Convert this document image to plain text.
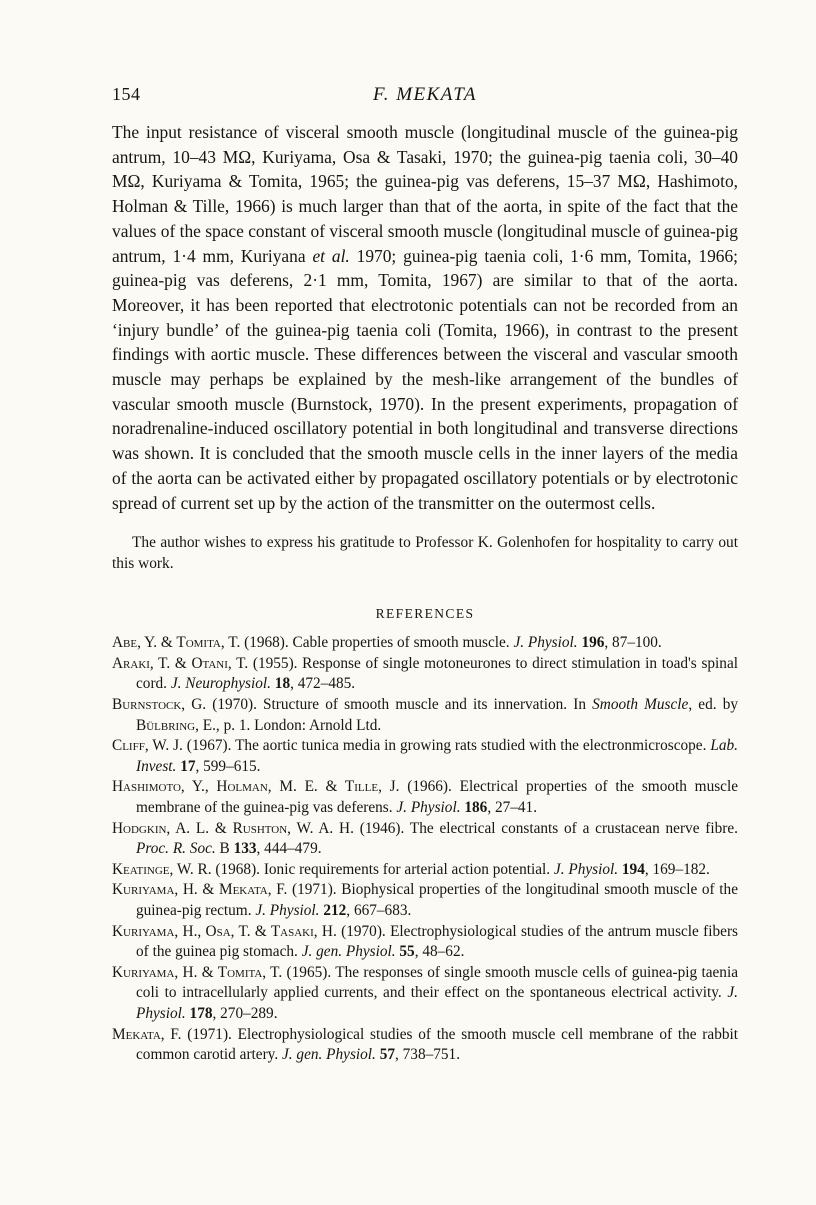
154	F. MEKATA

The input resistance of visceral smooth muscle (longitudinal muscle of the guinea-pig antrum, 10–43 MΩ, Kuriyama, Osa & Tasaki, 1970; the guinea-pig taenia coli, 30–40 MΩ, Kuriyama & Tomita, 1965; the guinea-pig vas deferens, 15–37 MΩ, Hashimoto, Holman & Tille, 1966) is much larger than that of the aorta, in spite of the fact that the values of the space constant of visceral smooth muscle (longitudinal muscle of guinea-pig antrum, 1·4 mm, Kuriyana et al. 1970; guinea-pig taenia coli, 1·6 mm, Tomita, 1966; guinea-pig vas deferens, 2·1 mm, Tomita, 1967) are similar to that of the aorta. Moreover, it has been reported that electrotonic potentials can not be recorded from an ‘injury bundle’ of the guinea-pig taenia coli (Tomita, 1966), in contrast to the present findings with aortic muscle. These differences between the visceral and vascular smooth muscle may perhaps be explained by the mesh-like arrangement of the bundles of vascular smooth muscle (Burnstock, 1970). In the present experiments, propagation of noradrenaline-induced oscillatory potential in both longitudinal and transverse directions was shown. It is concluded that the smooth muscle cells in the inner layers of the media of the aorta can be activated either by propagated oscillatory potentials or by electrotonic spread of current set up by the action of the transmitter on the outermost cells.

The author wishes to express his gratitude to Professor K. Golenhofen for hospitality to carry out this work.

REFERENCES

Abe, Y. & Tomita, T. (1968). Cable properties of smooth muscle. J. Physiol. 196, 87–100.

Araki, T. & Otani, T. (1955). Response of single motoneurones to direct stimulation in toad's spinal cord. J. Neurophysiol. 18, 472–485.

Burnstock, G. (1970). Structure of smooth muscle and its innervation. In Smooth Muscle, ed. by Bülbring, E., p. 1. London: Arnold Ltd.

Cliff, W. J. (1967). The aortic tunica media in growing rats studied with the electronmicroscope. Lab. Invest. 17, 599–615.

Hashimoto, Y., Holman, M. E. & Tille, J. (1966). Electrical properties of the smooth muscle membrane of the guinea-pig vas deferens. J. Physiol. 186, 27–41.

Hodgkin, A. L. & Rushton, W. A. H. (1946). The electrical constants of a crustacean nerve fibre. Proc. R. Soc. B 133, 444–479.

Keatinge, W. R. (1968). Ionic requirements for arterial action potential. J. Physiol. 194, 169–182.

Kuriyama, H. & Mekata, F. (1971). Biophysical properties of the longitudinal smooth muscle of the guinea-pig rectum. J. Physiol. 212, 667–683.

Kuriyama, H., Osa, T. & Tasaki, H. (1970). Electrophysiological studies of the antrum muscle fibers of the guinea pig stomach. J. gen. Physiol. 55, 48–62.

Kuriyama, H. & Tomita, T. (1965). The responses of single smooth muscle cells of guinea-pig taenia coli to intracellularly applied currents, and their effect on the spontaneous electrical activity. J. Physiol. 178, 270–289.

Mekata, F. (1971). Electrophysiological studies of the smooth muscle cell membrane of the rabbit common carotid artery. J. gen. Physiol. 57, 738–751.
